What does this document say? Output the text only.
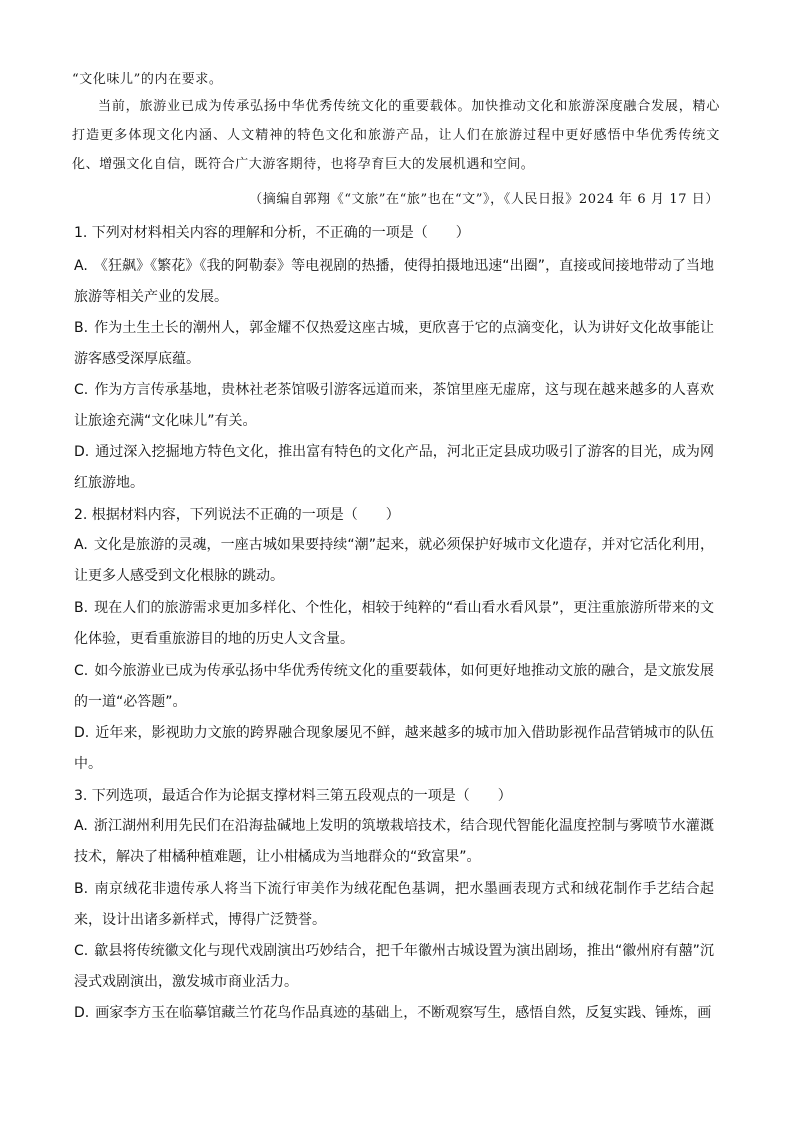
“文化味儿”的内在要求。
当前，旅游业已成为传承弘扬中华优秀传统文化的重要载体。加快推动文化和旅游深度融合发展，精心打造更多体现文化内涵、人文精神的特色文化和旅游产品，让人们在旅游过程中更好感悟中华优秀传统文化、增强文化自信，既符合广大游客期待，也将孕育巨大的发展机遇和空间。
（摘编自郭翔《“文旅”在“旅”也在“文”》，《人民日报》2024 年 6 月 17 日）
1. 下列对材料相关内容的理解和分析，不正确的一项是（　　）
A. 《狂飙》《繁花》《我的阿勒泰》等电视剧的热播，使得拍摄地迅速“出圈”，直接或间接地带动了当地旅游等相关产业的发展。
B. 作为土生土长的潮州人，郭金耀不仅热爱这座古城，更欣喜于它的点滴变化，认为讲好文化故事能让游客感受深厚底蕴。
C. 作为方言传承基地，贵林社老茶馆吸引游客远道而来，茶馆里座无虚席，这与现在越来越多的人喜欢让旅途充满“文化味儿”有关。
D. 通过深入挖掘地方特色文化，推出富有特色的文化产品，河北正定县成功吸引了游客的目光，成为网红旅游地。
2. 根据材料内容，下列说法不正确的一项是（　　）
A. 文化是旅游的灵魂，一座古城如果要持续“潮”起来，就必须保护好城市文化遗存，并对它活化利用，让更多人感受到文化根脉的跳动。
B. 现在人们的旅游需求更加多样化、个性化，相较于纯粹的“看山看水看风景”，更注重旅游所带来的文化体验，更看重旅游目的地的历史人文含量。
C. 如今旅游业已成为传承弘扬中华优秀传统文化的重要载体，如何更好地推动文旅的融合，是文旅发展的一道“必答题”。
D. 近年来，影视助力文旅的跨界融合现象屡见不鲜，越来越多的城市加入借助影视作品营销城市的队伍中。
3. 下列选项，最适合作为论据支撑材料三第五段观点的一项是（　　）
A. 浙江湖州利用先民们在沿海盐碱地上发明的筑墩栽培技术，结合现代智能化温度控制与雾喷节水灌溉技术，解决了柑橘种植难题，让小柑橘成为当地群众的“致富果”。
B. 南京绒花非遗传承人将当下流行审美作为绒花配色基调，把水墨画表现方式和绒花制作手艺结合起来，设计出诸多新样式，博得广泛赞誉。
C. 歙县将传统徽文化与现代戏剧演出巧妙结合，把千年徽州古城设置为演出剧场，推出“徽州府有囍”沉浸式戏剧演出，激发城市商业活力。
D. 画家李方玉在临摹馆藏兰竹花鸟作品真迹的基础上，不断观察写生，感悟自然，反复实践、锤炼，画
